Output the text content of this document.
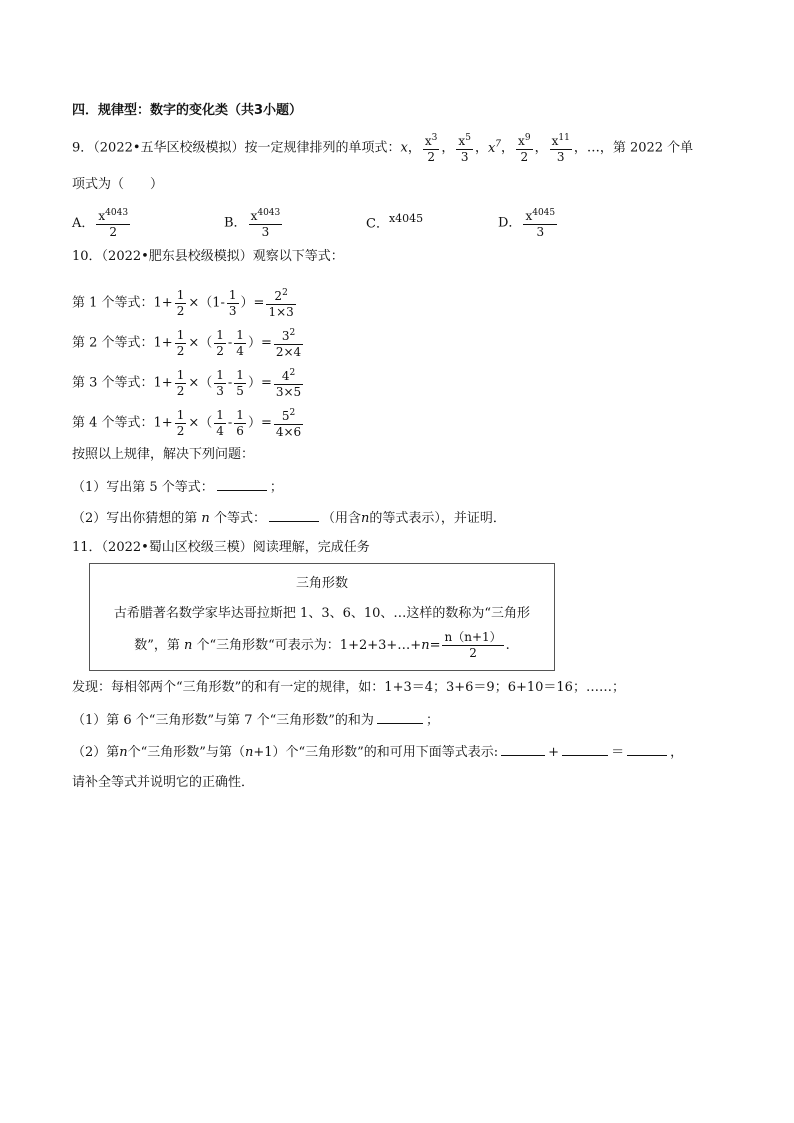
四．规律型：数字的变化类（共3小题）
9．（2022•五华区校级模拟）按一定规律排列的单项式：x， $\frac{x^3}{2}$ ， $\frac{x^5}{3}$ ，$x^7$， $\frac{x^9}{2}$ ， $\frac{x^{11}}{3}$ ，…，第 2022 个单
项式为（　　）
A． $\frac{x^{4043}}{2}$	B． $\frac{x^{4043}}{3}$	C．$^{x4045}$	D． $\frac{x^{4045}}{3}$
10．（2022•肥东县校级模拟）观察以下等式：
第 1 个等式：$1+ \frac{1}{2} \times(1- \frac{1}{3}$ ）= $\frac{2^2}{1\times 3}$
第 2 个等式：$1+ \frac{1}{2}$ ×（ $\frac{1}{2} - \frac{1}{4}$ ）= $\frac{3^2}{2\times 4}$
第 3 个等式：$1+ \frac{1}{2}$ ×（ $\frac{1}{3} - \frac{1}{5}$ ）= $\frac{4^2}{3\times 5}$
第 4 个等式：$1+ \frac{1}{2}$ ×（ $\frac{1}{4} - \frac{1}{6}$ ）= $\frac{5^2}{4\times 6}$
按照以上规律，解决下列问题：
（1）写出第 5 个等式：	；
（2）写出你猜想的第 n 个等式：	（用含n的等式表示），并证明．
11．（2022•蜀山区校级三模）阅读理解，完成任务
三角形数
古希腊著名数学家毕达哥拉斯把 1、3、6、10、…这样的数称为“三角形
数”，第 n 个“三角形数“可表示为：1+2+3+…+n= $\frac{n(n+1)}{2}$ .
发现：每相邻两个“三角形数”的和有一定的规律，如：1+3＝4；3+6＝9；6+10＝16；……；
（1）第 6 个“三角形数”与第 7 个“三角形数”的和为	；
（2）第n个“三角形数”与第（n+1）个“三角形数”的和可用下面等式表示:	+	＝	，
请补全等式并说明它的正确性．
